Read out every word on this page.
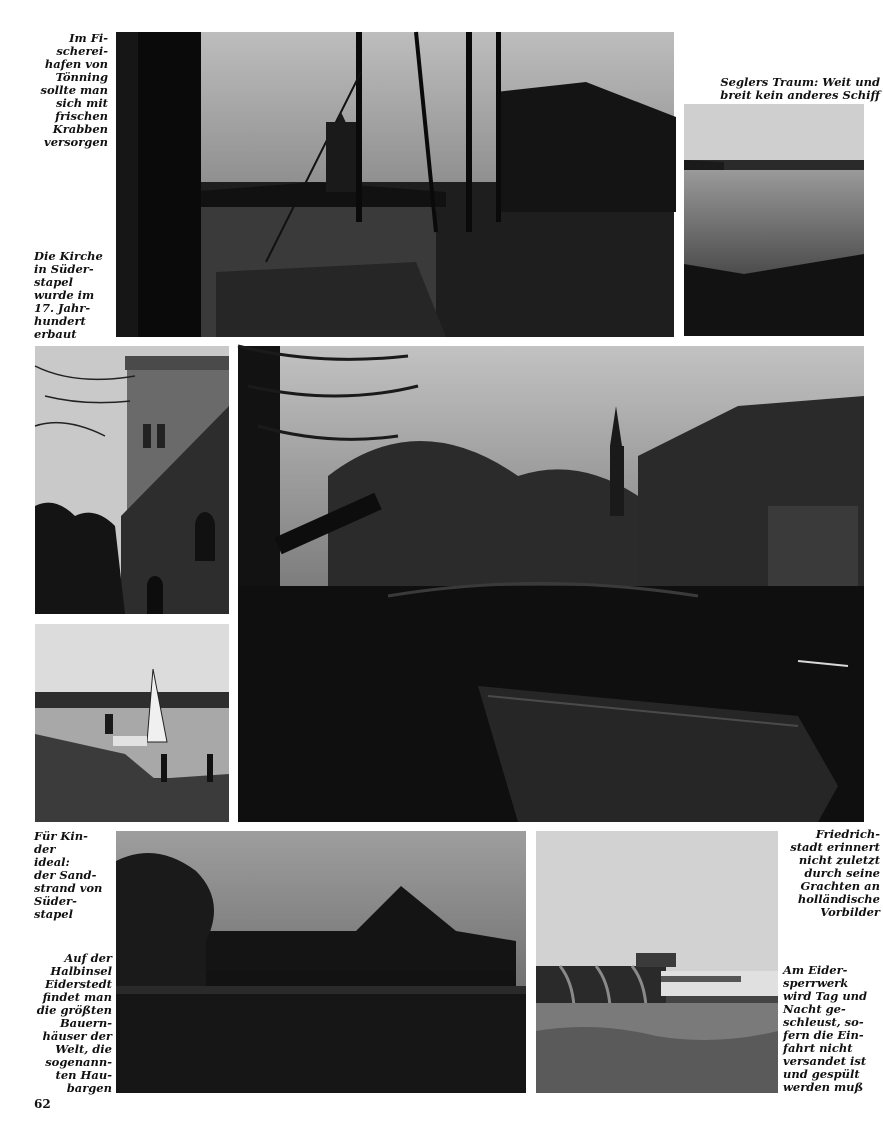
Im Fi-
scherei-
hafen von
Tönning
sollte man
sich mit
frischen
Krabben
versorgen
Die Kirche
in Süder-
stapel
wurde im
17. Jahr-
hundert
erbaut
Seglers Traum: Weit und
breit kein anderes Schiff
Für Kin-
der
ideal:
der Sand-
strand von
Süder-
stapel
Auf der
Halbinsel
Eiderstedt
findet man
die größten
Bauern-
häuser der
Welt, die
sogenann-
ten Hau-
bargen
Friedrich-
stadt erinnert
nicht zuletzt
durch seine
Grachten an
holländische
Vorbilder
Am Eider-
sperrwerk
wird Tag und
Nacht ge-
schleust, so-
fern die Ein-
fahrt nicht
versandet ist
und gespült
werden muß
62
